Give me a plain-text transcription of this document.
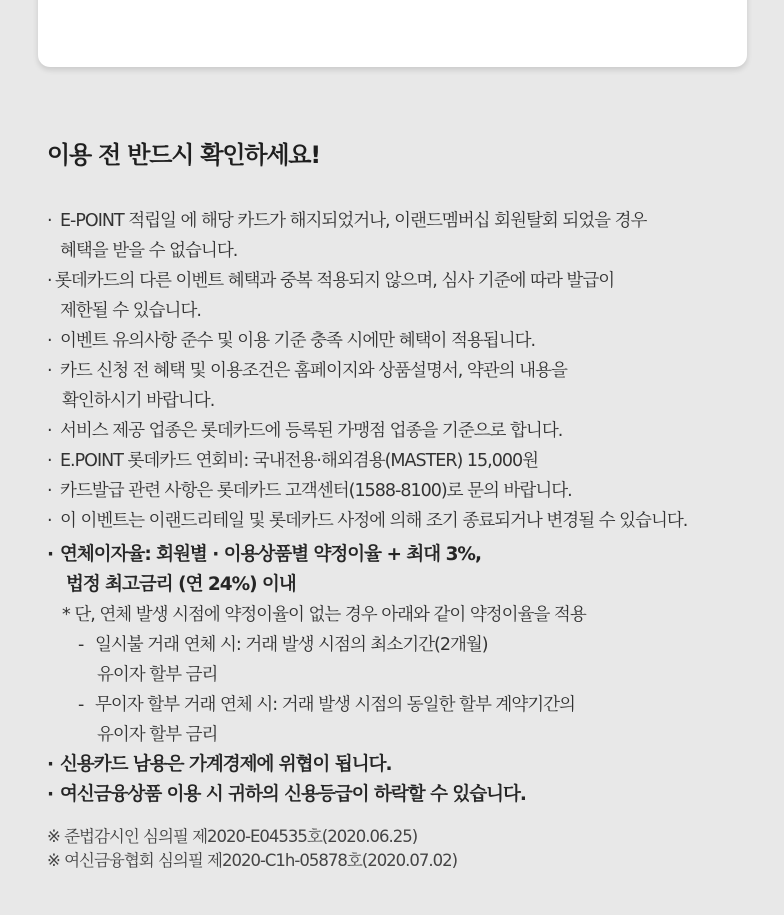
이용 전 반드시 확인하세요!
· E-POINT 적립일 에 해당 카드가 해지되었거나, 이랜드멤버십 회원탈회 되었을 경우
혜택을 받을 수 없습니다.
· 롯데카드의 다른 이벤트 혜택과 중복 적용되지 않으며, 심사 기준에 따라 발급이
제한될 수 있습니다.
· 이벤트 유의사항 준수 및 이용 기준 충족 시에만 혜택이 적용됩니다.
· 카드 신청 전 혜택 및 이용조건은 홈페이지와 상품설명서, 약관의 내용을
확인하시기 바랍니다.
· 서비스 제공 업종은 롯데카드에 등록된 가맹점 업종을 기준으로 합니다.
· E.POINT 롯데카드 연회비: 국내전용·해외겸용(MASTER) 15,000원
· 카드발급 관련 사항은 롯데카드 고객센터(1588-8100)로 문의 바랍니다.
· 이 이벤트는 이랜드리테일 및 롯데카드 사정에 의해 조기 종료되거나 변경될 수 있습니다.
· 연체이자율: 회원별 · 이용상품별 약정이율 + 최대 3%,
법정 최고금리 (연 24%) 이내
* 단, 연체 발생 시점에 약정이율이 없는 경우 아래와 같이 약정이율을 적용
- 일시불 거래 연체 시: 거래 발생 시점의 최소기간(2개월)
유이자 할부 금리
- 무이자 할부 거래 연체 시: 거래 발생 시점의 동일한 할부 계약기간의
유이자 할부 금리
· 신용카드 남용은 가계경제에 위협이 됩니다.
· 여신금융상품 이용 시 귀하의 신용등급이 하락할 수 있습니다.
※ 준법감시인 심의필 제2020-E04535호(2020.06.25)
※ 여신금융협회 심의필 제2020-C1h-05878호(2020.07.02)
